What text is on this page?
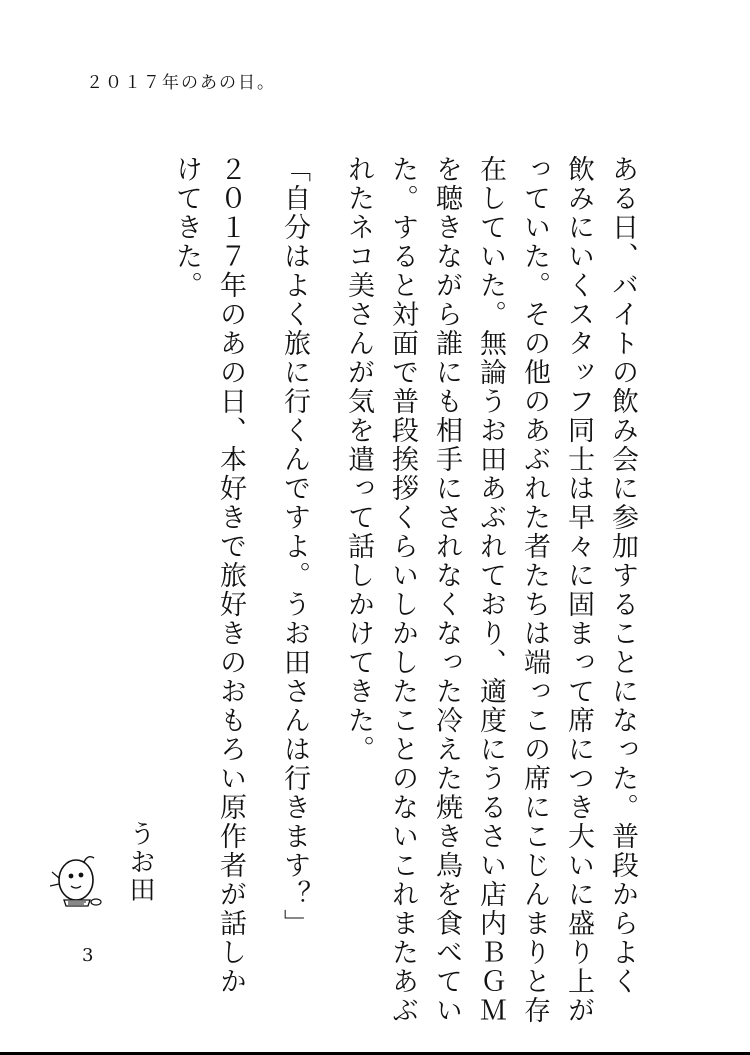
２０１７年のあの日。
ある日、バイトの飲み会に参加することになった。普段からよく
飲みにいくスタッフ同士は早々に固まって席につき大いに盛り上が
っていた。その他のあぶれた者たちは端っこの席にこじんまりと存
在していた。無論うお田あぶれており、適度にうるさい店内ＢＧＭ
を聴きながら誰にも相手にされなくなった冷えた焼き鳥を食べてい
た。すると対面で普段挨拶くらいしかしたことのないこれまたあぶ
れたネコ美さんが気を遣って話しかけてきた。
「自分はよく旅に行くんですよ。うお田さんは行きます？」
２０１７年のあの日、本好きで旅好きのおもろい原作者が話しか
けてきた。
うお田
3
